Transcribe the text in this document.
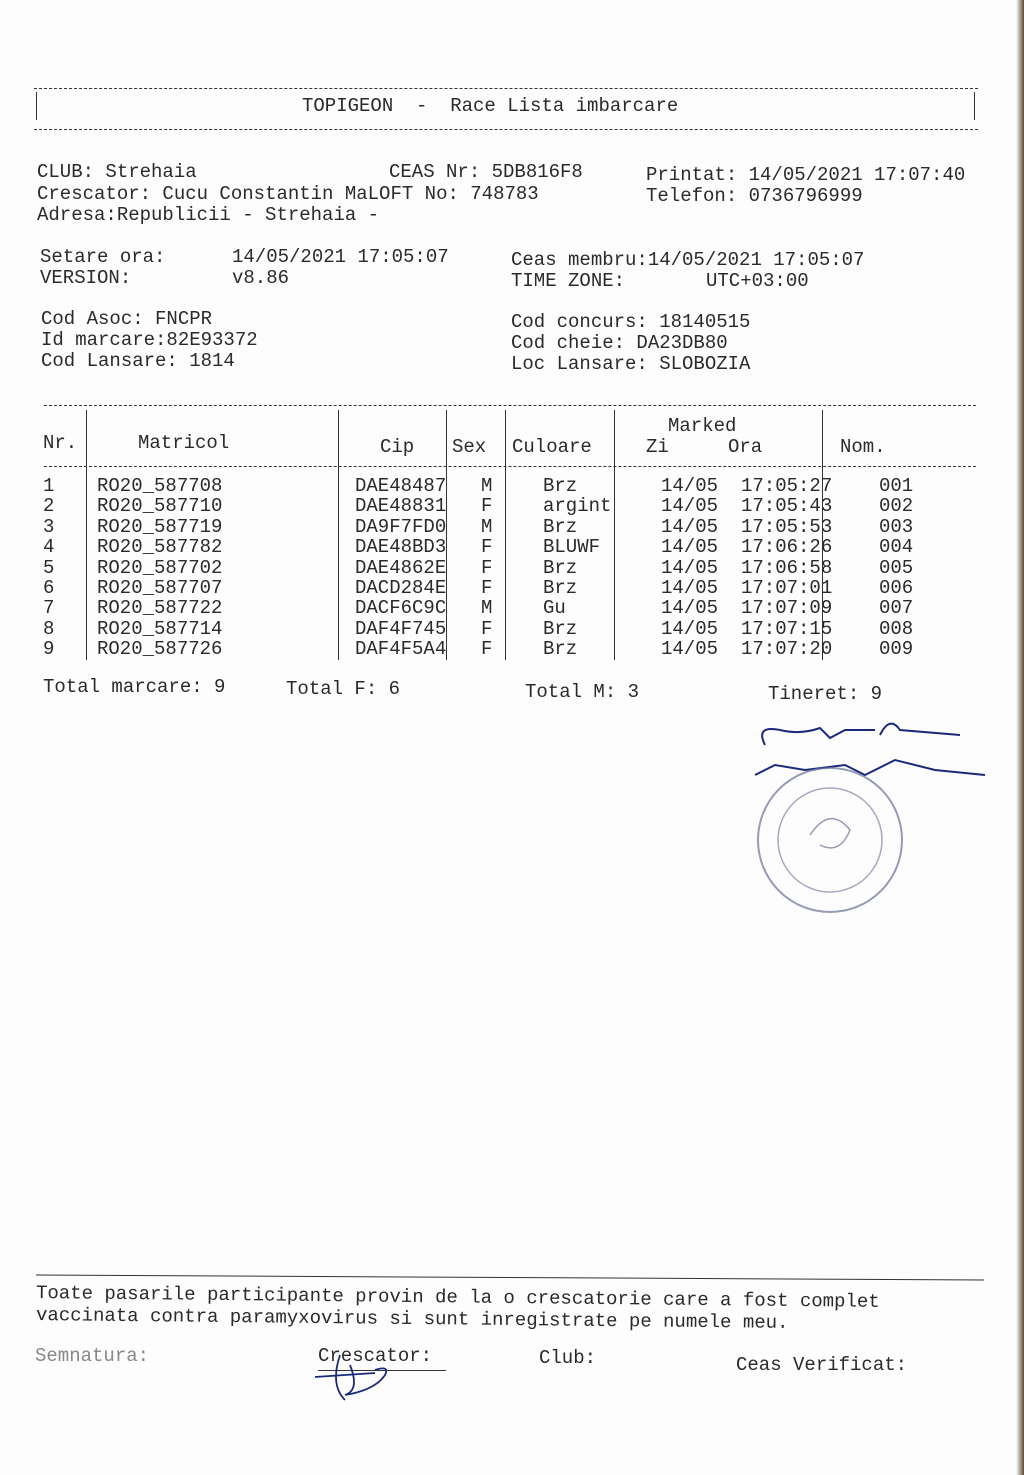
TOPIGEON  -  Race Lista imbarcare
CLUB: Strehaia	CEAS Nr: 5DB816F8	Printat: 14/05/2021 17:07:40
Crescator: Cucu Constantin MaLOFT No: 748783	Telefon: 0736796999
Adresa:Republicii - Strehaia -
Setare ora:	14/05/2021 17:05:07
VERSION:	v8.86
Ceas membru:14/05/2021 17:05:07
TIME ZONE:	UTC+03:00
Cod Asoc: FNCPR
Id marcare:82E93372
Cod Lansare: 1814
Cod concurs: 18140515
Cod cheie: DA23DB80
Loc Lansare: SLOBOZIA
Nr.	Matricol	Cip Sex Culoare
Marked
Zi	Ora	Nom.
1	RO20_587708	DAE48487	M	Brz	14/05	17:05:27	001
2	RO20_587710	DAE48831	F	argint	14/05	17:05:43	002
3	RO20_587719	DA9F7FD0	M	Brz	14/05	17:05:53	003
4	RO20_587782	DAE48BD3	F	BLUWF	14/05	17:06:26	004
5	RO20_587702	DAE4862E	F	Brz	14/05	17:06:58	005
6	RO20_587707	DACD284E	F	Brz	14/05	17:07:01	006
7	RO20_587722	DACF6C9C	M	Gu	14/05	17:07:09	007
8	RO20_587714	DAF4F745	F	Brz	14/05	17:07:15	008
9	RO20_587726	DAF4F5A4	F	Brz	14/05	17:07:20	009
Total marcare: 9	Total F: 6	Total M: 3	Tineret: 9
Toate pasarile participante provin de la o crescatorie care a fost complet
vaccinata contra paramyxovirus si sunt inregistrate pe numele meu.
Semnatura:	Crescator:	Club:	Ceas Verificat:
